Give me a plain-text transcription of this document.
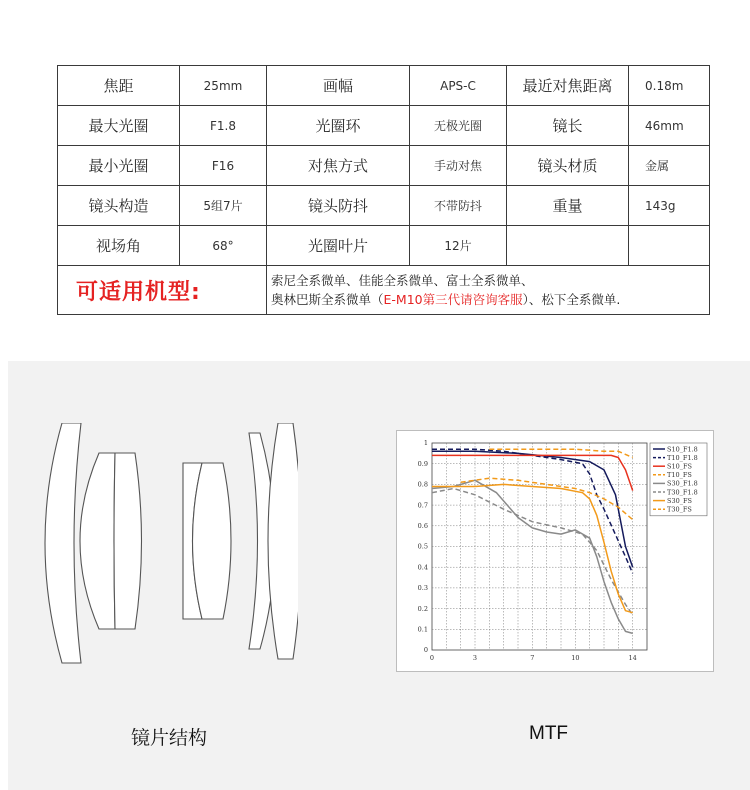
焦距	25mm	画幅	APS-C	最近对焦距离	0.18m
最大光圈	F1.8	光圈环	无极光圈	镜长	46mm
最小光圈	F16	对焦方式	手动对焦	镜头材质	金属
镜头构造	5组7片	镜头防抖	不带防抖	重量	143g
视场角	68°	光圈叶片	12片		
可适用机型:		索尼全系微单、佳能全系微单、富士全系微单、
奥林巴斯全系微单（E-M10第三代请咨询客服）、松下全系微单.			
0
0.1
0.2
0.3
0.4
0.5
0.6
0.7
0.8
0.9
1
0	3	7	10	14
S10_F1.8
T10_F1.8
S10_FS
T10_FS
S30_F1.8
T30_F1.8
S30_FS
T30_FS
镜片结构	MTF
